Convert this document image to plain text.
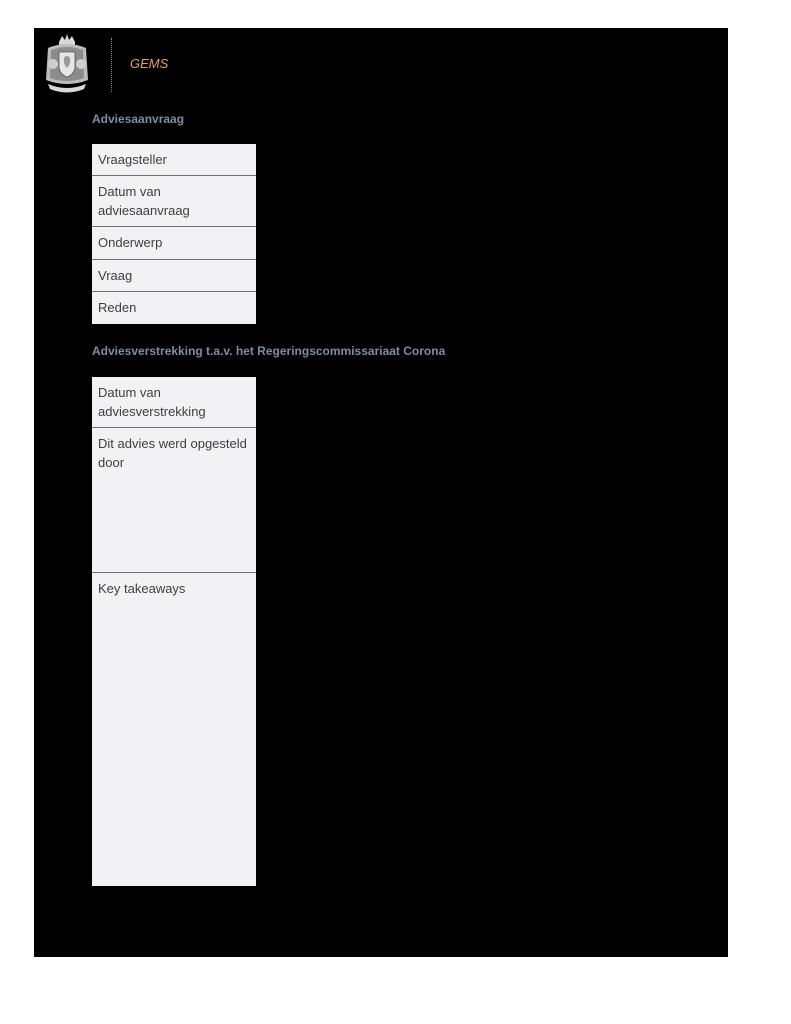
GEMS
Adviesaanvraag
Vraagsteller
Datum van adviesaanvraag
Onderwerp
Vraag
Reden
Adviesverstrekking t.a.v. het Regeringscommissariaat Corona
Datum van adviesverstrekking
Dit advies werd opgesteld door
Key takeaways
